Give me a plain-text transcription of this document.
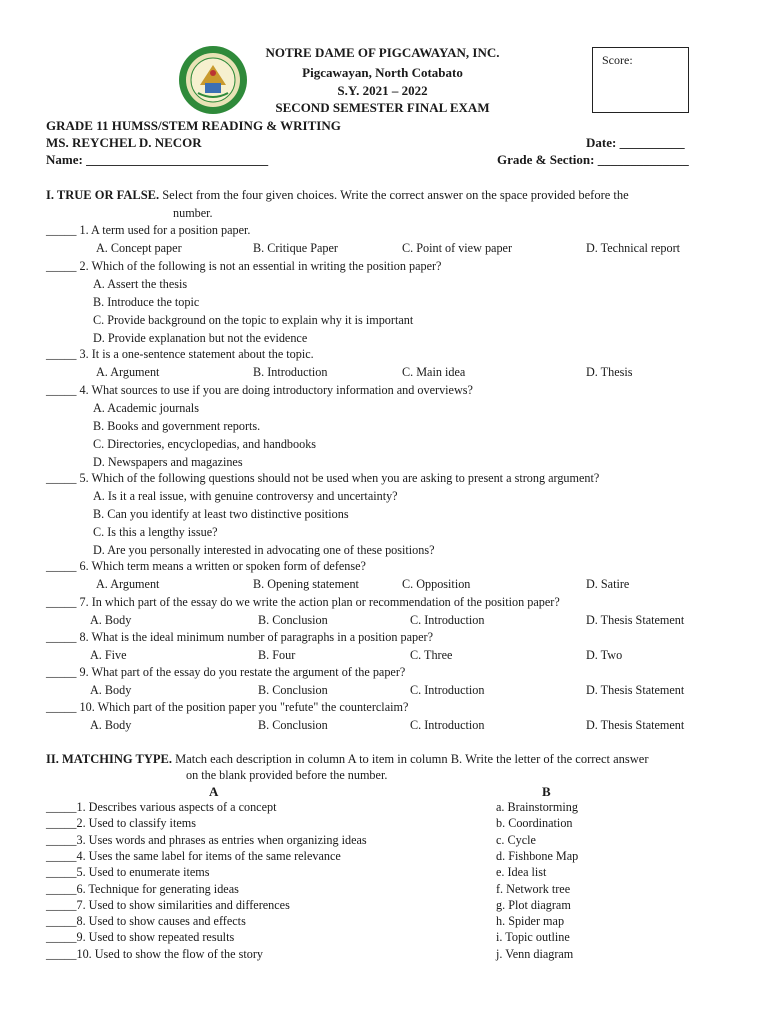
NOTRE DAME OF PIGCAWAYAN, INC.
Pigcawayan, North Cotabato
S.Y. 2021 – 2022
SECOND SEMESTER FINAL EXAM
Score:
GRADE 11 HUMSS/STEM READING & WRITING
MS. REYCHEL D. NECOR	Date: __________
Name: ____________________________	Grade & Section: ______________
I. TRUE OR FALSE. Select from the four given choices. Write the correct answer on the space provided before the
number.
_____ 1. A term used for a position paper.
A. Concept paper	B. Critique Paper	C. Point of view paper	D. Technical report
_____ 2. Which of the following is not an essential in writing the position paper?
A. Assert the thesis
B. Introduce the topic
C. Provide background on the topic to explain why it is important
D. Provide explanation but not the evidence
_____ 3. It is a one-sentence statement about the topic.
A. Argument	B. Introduction	C. Main idea	D. Thesis
_____ 4. What sources to use if you are doing introductory information and overviews?
A. Academic journals
B. Books and government reports.
C. Directories, encyclopedias, and handbooks
D. Newspapers and magazines
_____ 5. Which of the following questions should not be used when you are asking to present a strong argument?
A. Is it a real issue, with genuine controversy and uncertainty?
B. Can you identify at least two distinctive positions
C. Is this a lengthy issue?
D. Are you personally interested in advocating one of these positions?
_____ 6. Which term means a written or spoken form of defense?
A. Argument	B. Opening statement	C. Opposition	D. Satire
_____ 7. In which part of the essay do we write the action plan or recommendation of the position paper?
A. Body	B. Conclusion	C. Introduction	D. Thesis Statement
_____ 8. What is the ideal minimum number of paragraphs in a position paper?
A. Five	B. Four	C. Three	D. Two
_____ 9. What part of the essay do you restate the argument of the paper?
A. Body	B. Conclusion	C. Introduction	D. Thesis Statement
_____ 10. Which part of the position paper you "refute" the counterclaim?
A. Body	B. Conclusion	C. Introduction	D. Thesis Statement
II. MATCHING TYPE. Match each description in column A to item in column B. Write the letter of the correct answer
on the blank provided before the number.
A	B
_____1. Describes various aspects of a concept	a. Brainstorming
_____2. Used to classify items	b. Coordination
_____3. Uses words and phrases as entries when organizing ideas	c. Cycle
_____4. Uses the same label for items of the same relevance	d. Fishbone Map
_____5. Used to enumerate items	e. Idea list
_____6. Technique for generating ideas	f. Network tree
_____7. Used to show similarities and differences	g. Plot diagram
_____8. Used to show causes and effects	h. Spider map
_____9. Used to show repeated results	i. Topic outline
_____10. Used to show the flow of the story	j. Venn diagram
